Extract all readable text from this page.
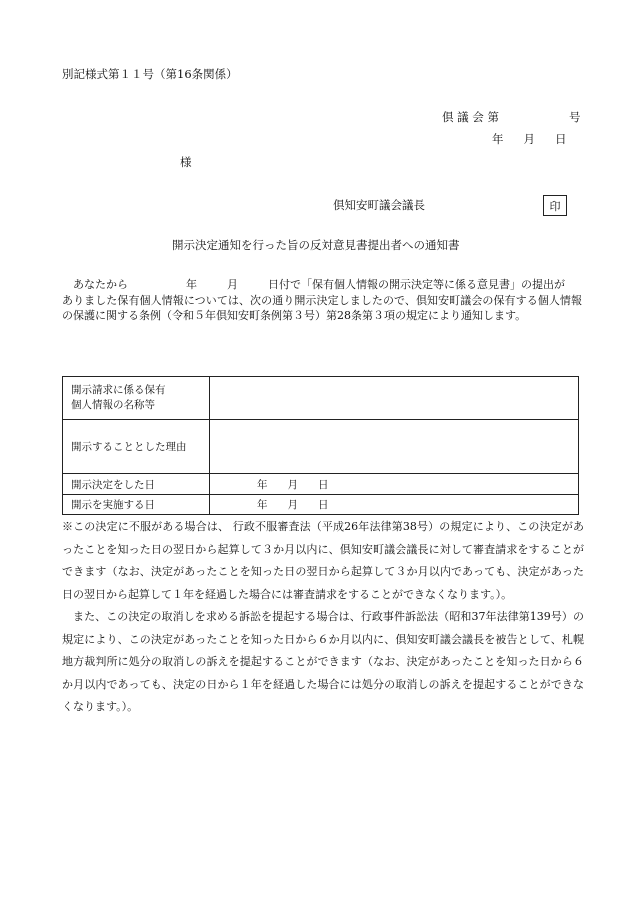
別記様式第１１号（第16条関係）
倶 議 会 第	号
年 月 日
様
倶知安町議会議長	印
開示決定通知を行った旨の反対意見書提出者への通知書
あなたから	年	月	日付で「保有個人情報の開示決定等に係る意見書」の提出が
ありました保有個人情報については、次の通り開示決定しましたので、倶知安町議会の保有する個人情報の保護に関する条例（令和５年倶知安町条例第３号）第28条第３項の規定により通知します。
開示請求に係る保有
個人情報の名称等	

開示することとした理由	
開示決定をした日	年 月 日
開示を実施する日	年 月 日

※この決定に不服がある場合は、 行政不服審査法（平成26年法律第38号）の規定により、この決定があったことを知った日の翌日から起算して３か月以内に、倶知安町議会議長に対して審査請求をすることができます（なお、決定があったことを知った日の翌日から起算して３か月以内であっても、決定があった日の翌日から起算して１年を経過した場合には審査請求をすることができなくなります。）。

また、この決定の取消しを求める訴訟を提起する場合は、行政事件訴訟法（昭和37年法律第139号）の規定により、この決定があったことを知った日から６か月以内に、倶知安町議会議長を被告として、札幌地方裁判所に処分の取消しの訴えを提起することができます（なお、決定があったことを知った日から６か月以内であっても、決定の日から１年を経過した場合には処分の取消しの訴えを提起することができなくなります。）。
